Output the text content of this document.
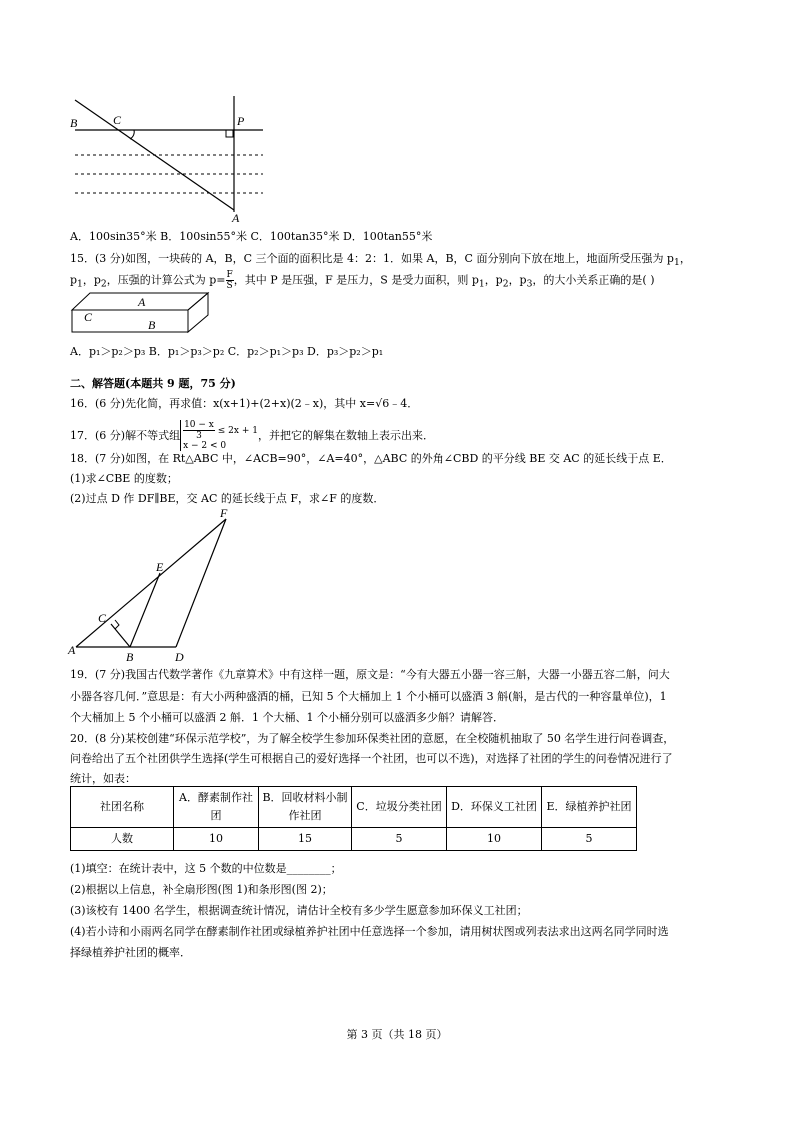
B	C	P
A
A．100sin35°米 B．100sin55°米 C．100tan35°米 D．100tan55°米
15．(3 分)如图，一块砖的 A，B，C 三个面的面积比是 4：2：1．如果 A，B，C 面分别向下放在地上，地面所受压强为 $p_1$，
$p_1$，$p_2$，压强的计算公式为 $p= \frac{F}{S}$ ，其中 P 是压强，F 是压力，S 是受力面积，则 $p_1$，$p_2$，$p_3$，的大小关系正确的是( )
A
C
B
A．p₁＞p₂＞p₃ B．p₁＞p₃＞p₂ C．p₂＞p₁＞p₃ D．p₃＞p₂＞p₁
二、解答题(本题共 9 题，75 分)
16．(6 分)先化简，再求值：x(x+1)+(2+x)(2﹣x)，其中 x=√6﹣4．
17．(6 分)解不等式组 $\frac{10 - x}{3} \le 2x + 1$
x − 2 < 0
，并把它的解集在数轴上表示出来．
18．(7 分)如图，在 Rt△ABC 中，∠ACB=90°，∠A=40°，△ABC 的外角∠CBD 的平分线 BE 交 AC 的延长线于点 E．
(1)求∠CBE 的度数；
(2)过点 D 作 DF∥BE，交 AC 的延长线于点 F，求∠F 的度数．
F
E
C
A	B	D
19．(7 分)我国古代数学著作《九章算术》中有这样一题，原文是：“今有大器五小器一容三斛，大器一小器五容二斛，问大
小器各容几何．”意思是：有大小两种盛酒的桶，已知 5 个大桶加上 1 个小桶可以盛酒 3 斛(斛，是古代的一种容量单位)，1
个大桶加上 5 个小桶可以盛酒 2 斛．1 个大桶、1 个小桶分别可以盛酒多少斛？请解答．
20．(8 分)某校创建“环保示范学校”，为了解全校学生参加环保类社团的意愿，在全校随机抽取了 50 名学生进行问卷调查，
问卷给出了五个社团供学生选择(学生可根据自己的爱好选择一个社团，也可以不选)，对选择了社团的学生的问卷情况进行了
统计，如表：
社团名称	A．酵素制作社团	B．回收材料小制作社团	C．垃圾分类社团	D．环保义工社团	E．绿植养护社团
人数	10	15	5	10	5
(1)填空：在统计表中，这 5 个数的中位数是________；
(2)根据以上信息，补全扇形图(图 1)和条形图(图 2)；
(3)该校有 1400 名学生，根据调查统计情况，请估计全校有多少学生愿意参加环保义工社团；
(4)若小诗和小雨两名同学在酵素制作社团或绿植养护社团中任意选择一个参加，请用树状图或列表法求出这两名同学同时选
择绿植养护社团的概率．
第 3 页（共 18 页）
